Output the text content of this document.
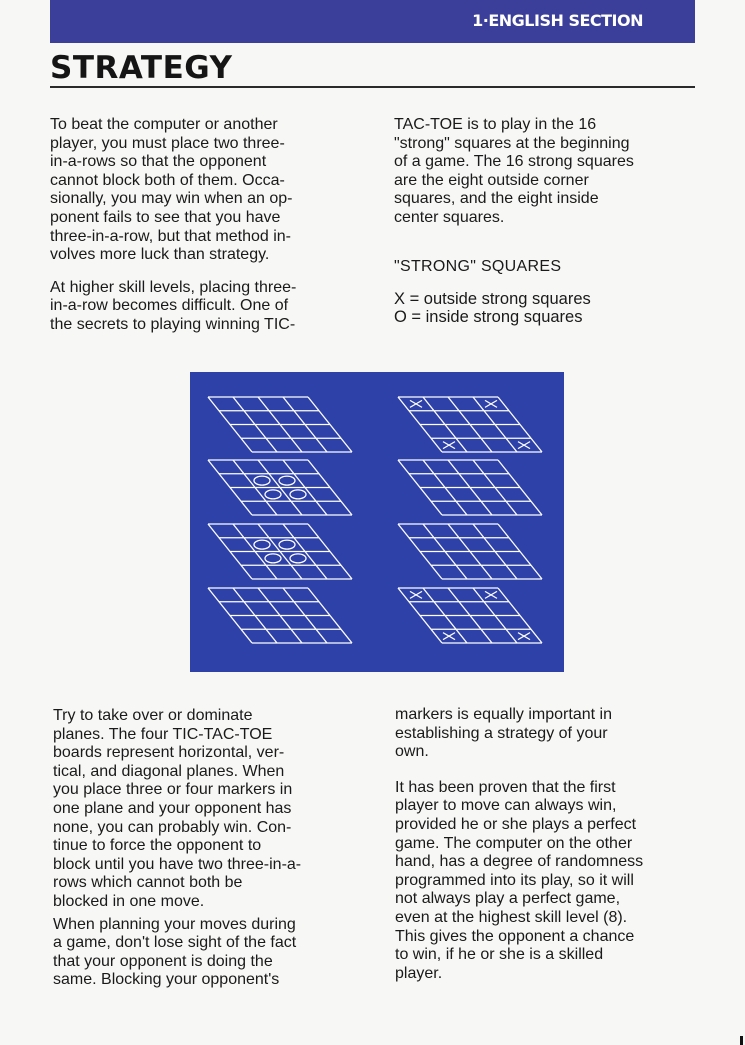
1·ENGLISH SECTION
STRATEGY

To beat the computer or another
player, you must place two three-
in-a-rows so that the opponent
cannot block both of them. Occa-
sionally, you may win when an op-
ponent fails to see that you have
three-in-a-row, but that method in-
volves more luck than strategy.

At higher skill levels, placing three-
in-a-row becomes difficult. One of
the secrets to playing winning TIC-

TAC-TOE is to play in the 16
"strong" squares at the beginning
of a game. The 16 strong squares
are the eight outside corner
squares, and the eight inside
center squares.

"STRONG" SQUARES

X = outside strong squares

O = inside strong squares

Try to take over or dominate
planes. The four TIC-TAC-TOE
boards represent horizontal, ver-
tical, and diagonal planes. When
you place three or four markers in
one plane and your opponent has
none, you can probably win. Con-
tinue to force the opponent to
block until you have two three-in-a-
rows which cannot both be
blocked in one move.

When planning your moves during
a game, don't lose sight of the fact
that your opponent is doing the
same. Blocking your opponent's

markers is equally important in
establishing a strategy of your
own.

It has been proven that the first
player to move can always win,
provided he or she plays a perfect
game. The computer on the other
hand, has a degree of randomness
programmed into its play, so it will
not always play a perfect game,
even at the highest skill level (8).
This gives the opponent a chance
to win, if he or she is a skilled
player.
